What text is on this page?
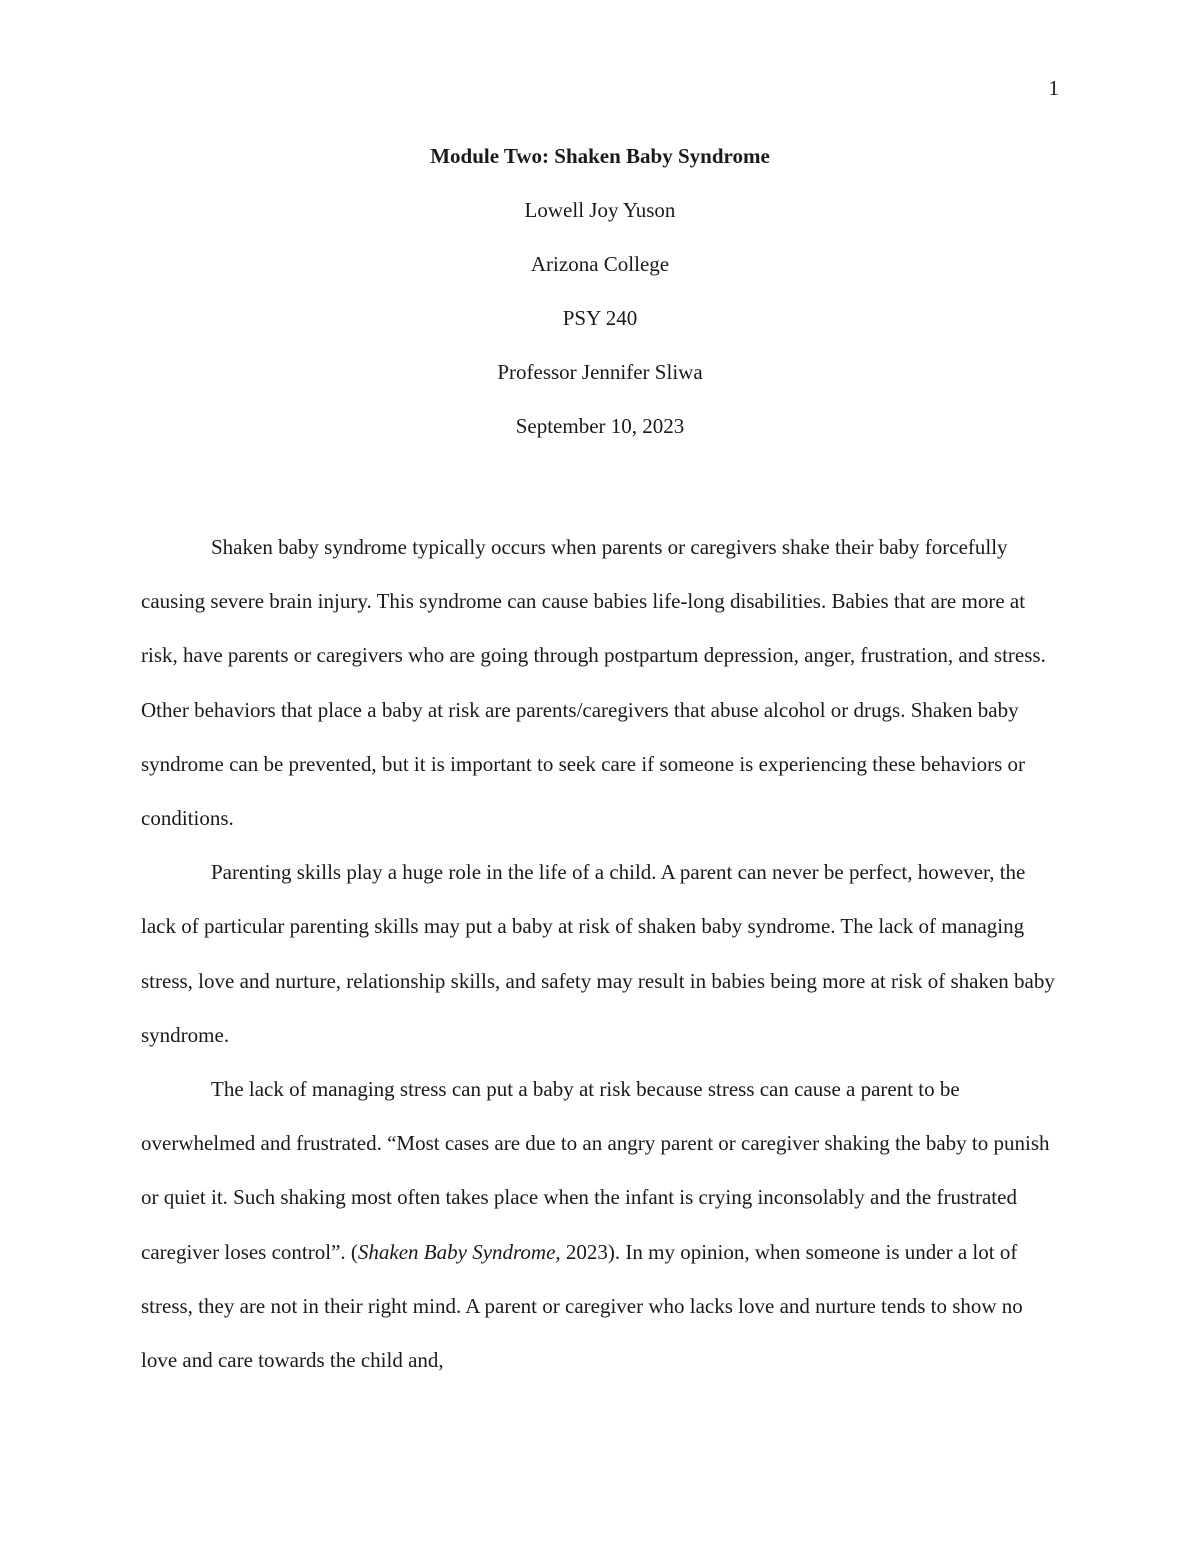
1
Module Two: Shaken Baby Syndrome
Lowell Joy Yuson
Arizona College
PSY 240
Professor Jennifer Sliwa
September 10, 2023

Shaken baby syndrome typically occurs when parents or caregivers shake their baby forcefully causing severe brain injury. This syndrome can cause babies life-long disabilities. Babies that are more at risk, have parents or caregivers who are going through postpartum depression, anger, frustration, and stress. Other behaviors that place a baby at risk are parents/caregivers that abuse alcohol or drugs. Shaken baby syndrome can be prevented, but it is important to seek care if someone is experiencing these behaviors or conditions.

Parenting skills play a huge role in the life of a child. A parent can never be perfect, however, the lack of particular parenting skills may put a baby at risk of shaken baby syndrome. The lack of managing stress, love and nurture, relationship skills, and safety may result in babies being more at risk of shaken baby syndrome.

The lack of managing stress can put a baby at risk because stress can cause a parent to be overwhelmed and frustrated. “Most cases are due to an angry parent or caregiver shaking the baby to punish or quiet it. Such shaking most often takes place when the infant is crying inconsolably and the frustrated caregiver loses control”. (Shaken Baby Syndrome, 2023). In my opinion, when someone is under a lot of stress, they are not in their right mind. A parent or caregiver who lacks love and nurture tends to show no love and care towards the child and,
